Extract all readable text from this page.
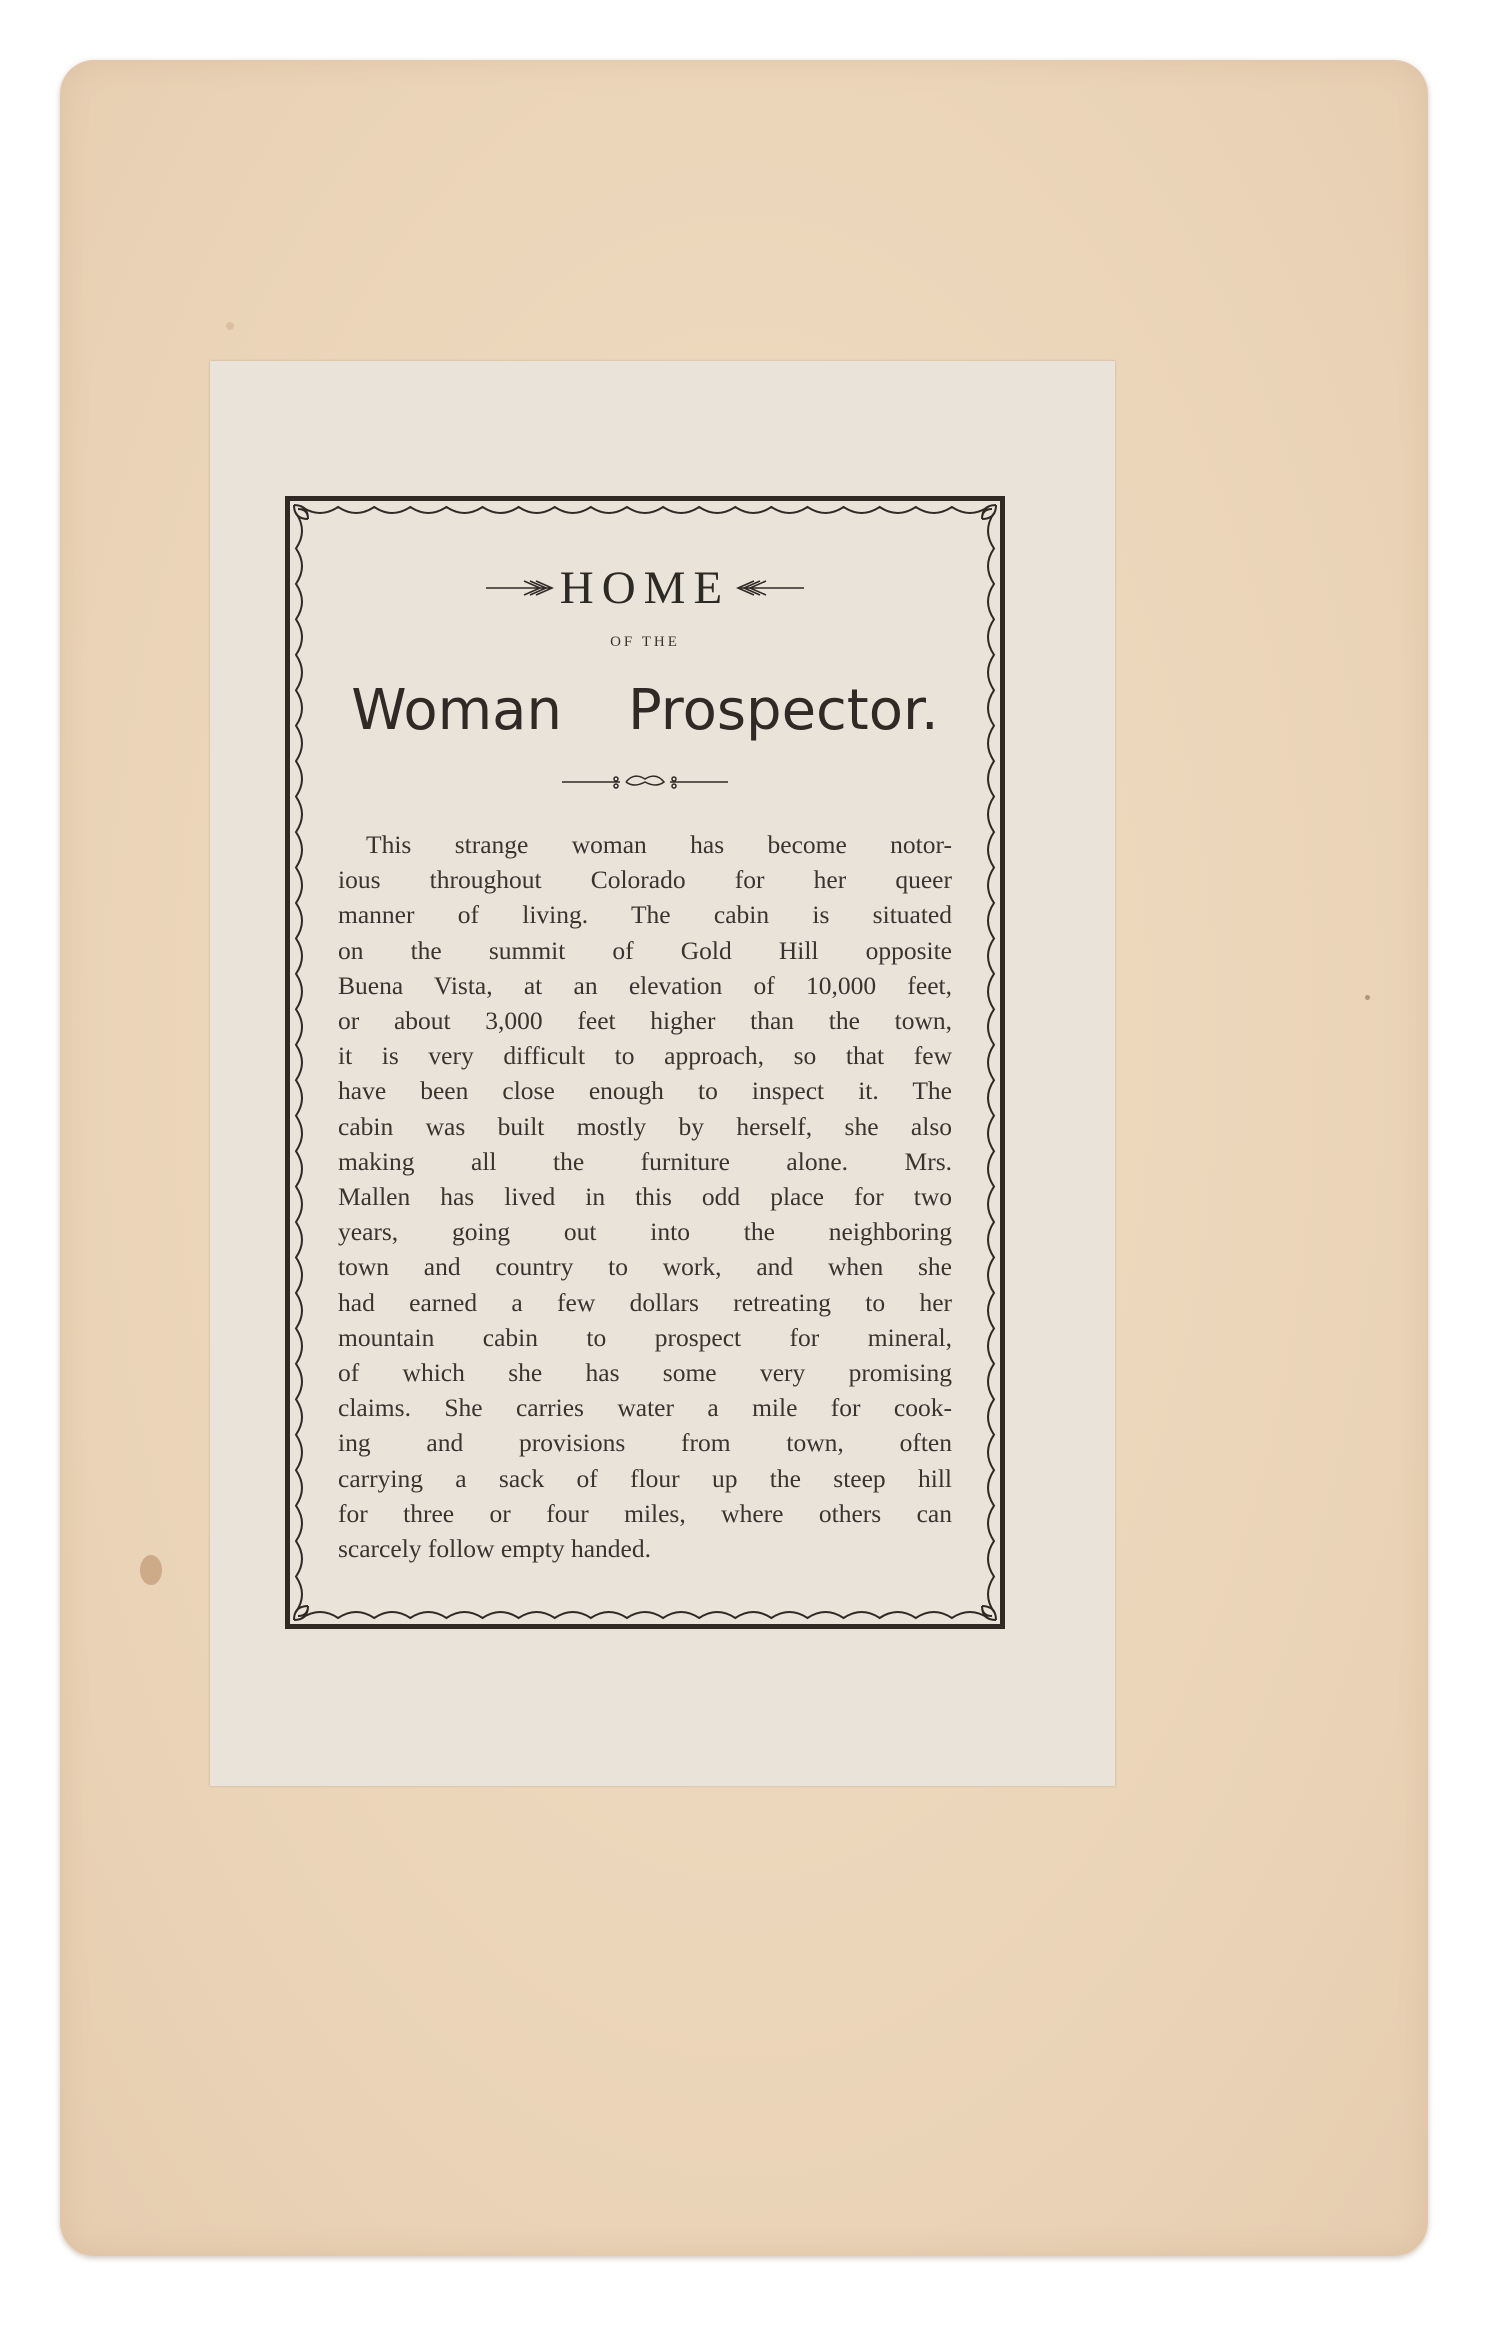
HOME
OF THE
Woman Prospector.
This strange woman has become notor-
ious throughout Colorado for her queer
manner of living. The cabin is situated
on the summit of Gold Hill opposite
Buena Vista, at an elevation of 10,000 feet,
or about 3,000 feet higher than the town,
it is very difficult to approach, so that few
have been close enough to inspect it. The
cabin was built mostly by herself, she also
making all the furniture alone. Mrs.
Mallen has lived in this odd place for two
years, going out into the neighboring
town and country to work, and when she
had earned a few dollars retreating to her
mountain cabin to prospect for mineral,
of which she has some very promising
claims. She carries water a mile for cook-
ing and provisions from town, often
carrying a sack of flour up the steep hill
for three or four miles, where others can
scarcely follow empty handed.
